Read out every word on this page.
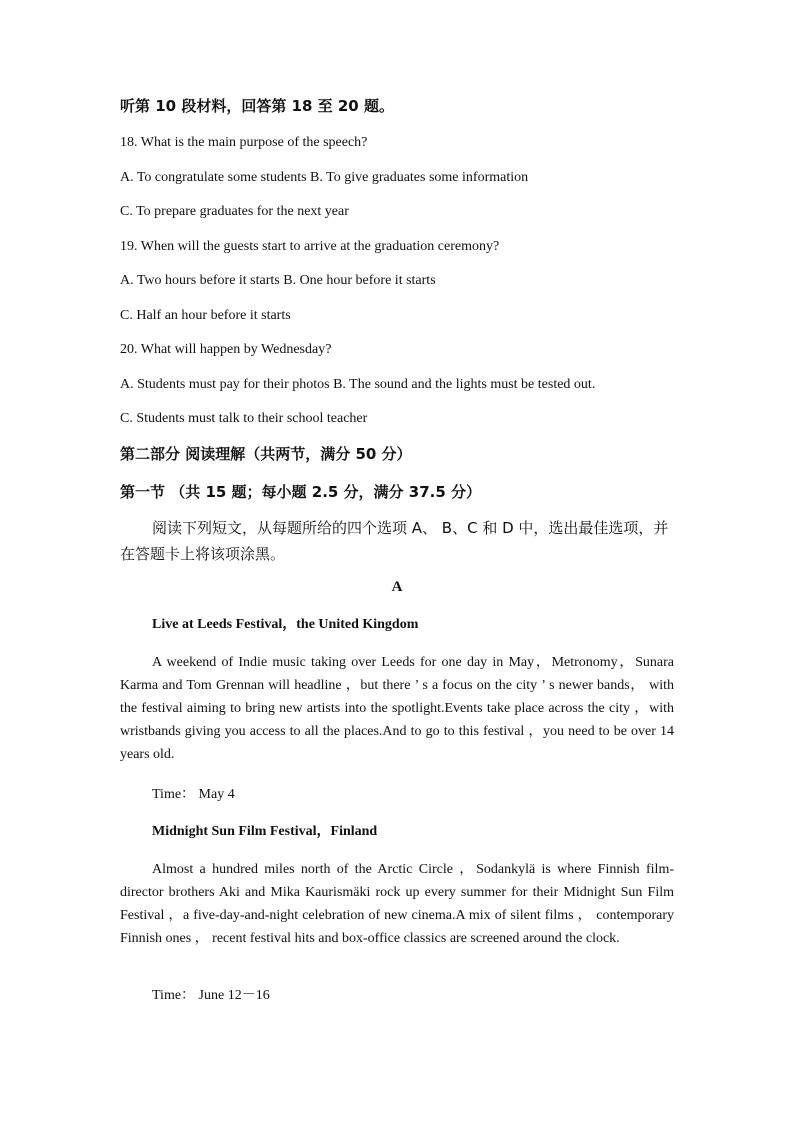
听第 10 段材料，回答第 18 至 20 题。
18. What is the main purpose of the speech?
A. To congratulate some students B. To give graduates some information
C. To prepare graduates for the next year
19. When will the guests start to arrive at the graduation ceremony?
A. Two hours before it starts B. One hour before it starts
C. Half an hour before it starts
20. What will happen by Wednesday?
A. Students must pay for their photos B. The sound and the lights must be tested out.
C. Students must talk to their school teacher
第二部分 阅读理解（共两节，满分 50 分）
第一节 （共 15 题；每小题 2.5 分，满分 37.5 分）
阅读下列短文，从每题所给的四个选项 A、 B、C 和 D 中，选出最佳选项，并在答题卡上将该项涂黑。
A
Live at Leeds Festival，the United Kingdom

A weekend of Indie music taking over Leeds for one day in May，Metronomy，Sunara Karma and Tom Grennan will headline ，but there ’ s a focus on the city ’ s newer bands， with the festival aiming to bring new artists into the spotlight.Events take place across the city ，with wristbands giving you access to all the places.And to go to this festival ，you need to be over 14 years old.

Time： May 4
Midnight Sun Film Festival，Finland

Almost a hundred miles north of the Arctic Circle ，Sodankylä is where Finnish film-director brothers Aki and Mika Kaurismäki rock up every summer for their Midnight Sun Film Festival ，a five-day-and-night celebration of new cinema.A mix of silent films ， contemporary Finnish ones ， recent festival hits and box-office classics are screened around the clock.

Time： June 12－16
